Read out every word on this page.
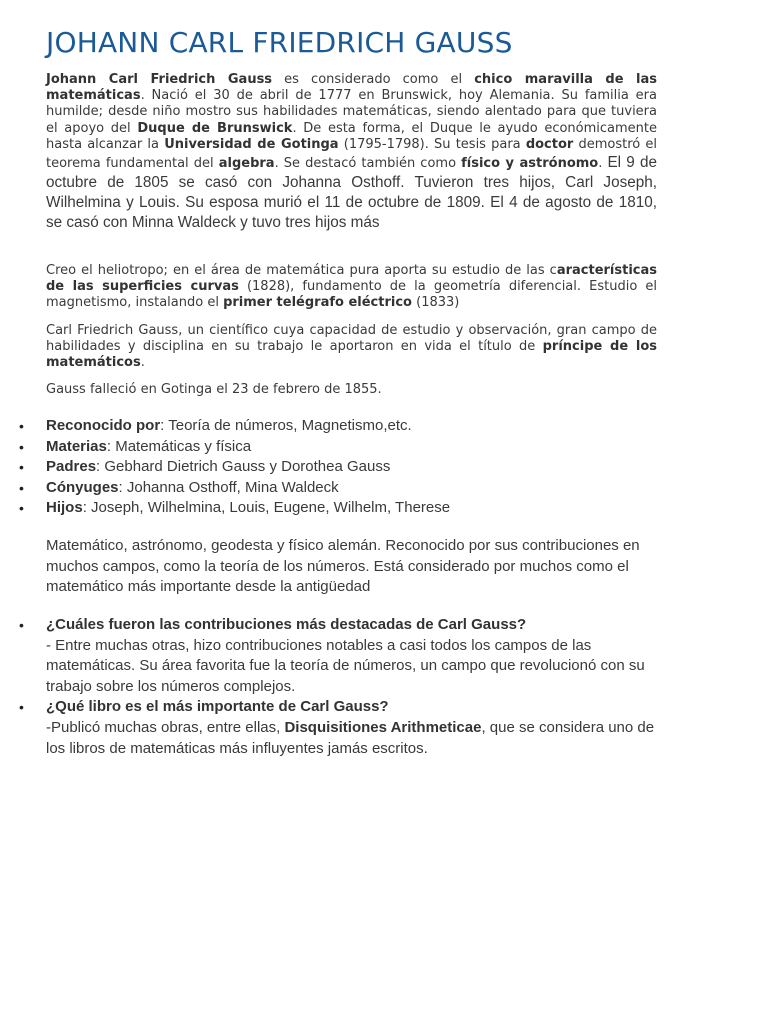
JOHANN CARL FRIEDRICH GAUSS

Johann Carl Friedrich Gauss es considerado como el chico maravilla de las matemáticas. Nació el 30 de abril de 1777 en Brunswick, hoy Alemania. Su familia era humilde; desde niño mostro sus habilidades matemáticas, siendo alentado para que tuviera el apoyo del Duque de Brunswick. De esta forma, el Duque le ayudo económicamente hasta alcanzar la Universidad de Gotinga (1795-1798). Su tesis para doctor demostró el teorema fundamental del algebra. Se destacó también como físico y astrónomo. El 9 de octubre de 1805 se casó con Johanna Osthoff. Tuvieron tres hijos, Carl Joseph, Wilhelmina y Louis. Su esposa murió el 11 de octubre de 1809. El 4 de agosto de 1810, se casó con Minna Waldeck y tuvo tres hijos más

Creo el heliotropo; en el área de matemática pura aporta su estudio de las características de las superficies curvas (1828), fundamento de la geometría diferencial. Estudio el magnetismo, instalando el primer telégrafo eléctrico (1833)

Carl Friedrich Gauss, un científico cuya capacidad de estudio y observación, gran campo de habilidades y disciplina en su trabajo le aportaron en vida el título de príncipe de los matemáticos.

Gauss falleció en Gotinga el 23 de febrero de 1855.

• Reconocido por: Teoría de números, Magnetismo,etc.
• Materias: Matemáticas y física
• Padres: Gebhard Dietrich Gauss y Dorothea Gauss
• Cónyuges: Johanna Osthoff, Mina Waldeck
• Hijos: Joseph, Wilhelmina, Louis, Eugene, Wilhelm, Therese

Matemático, astrónomo, geodesta y físico alemán. Reconocido por sus contribuciones en muchos campos, como la teoría de los números. Está considerado por muchos como el matemático más importante desde la antigüedad

• ¿Cuáles fueron las contribuciones más destacadas de Carl Gauss?
- Entre muchas otras, hizo contribuciones notables a casi todos los campos de las matemáticas. Su área favorita fue la teoría de números, un campo que revolucionó con su trabajo sobre los números complejos.
• ¿Qué libro es el más importante de Carl Gauss?
-Publicó muchas obras, entre ellas, Disquisitiones Arithmeticae, que se considera uno de los libros de matemáticas más influyentes jamás escritos.
